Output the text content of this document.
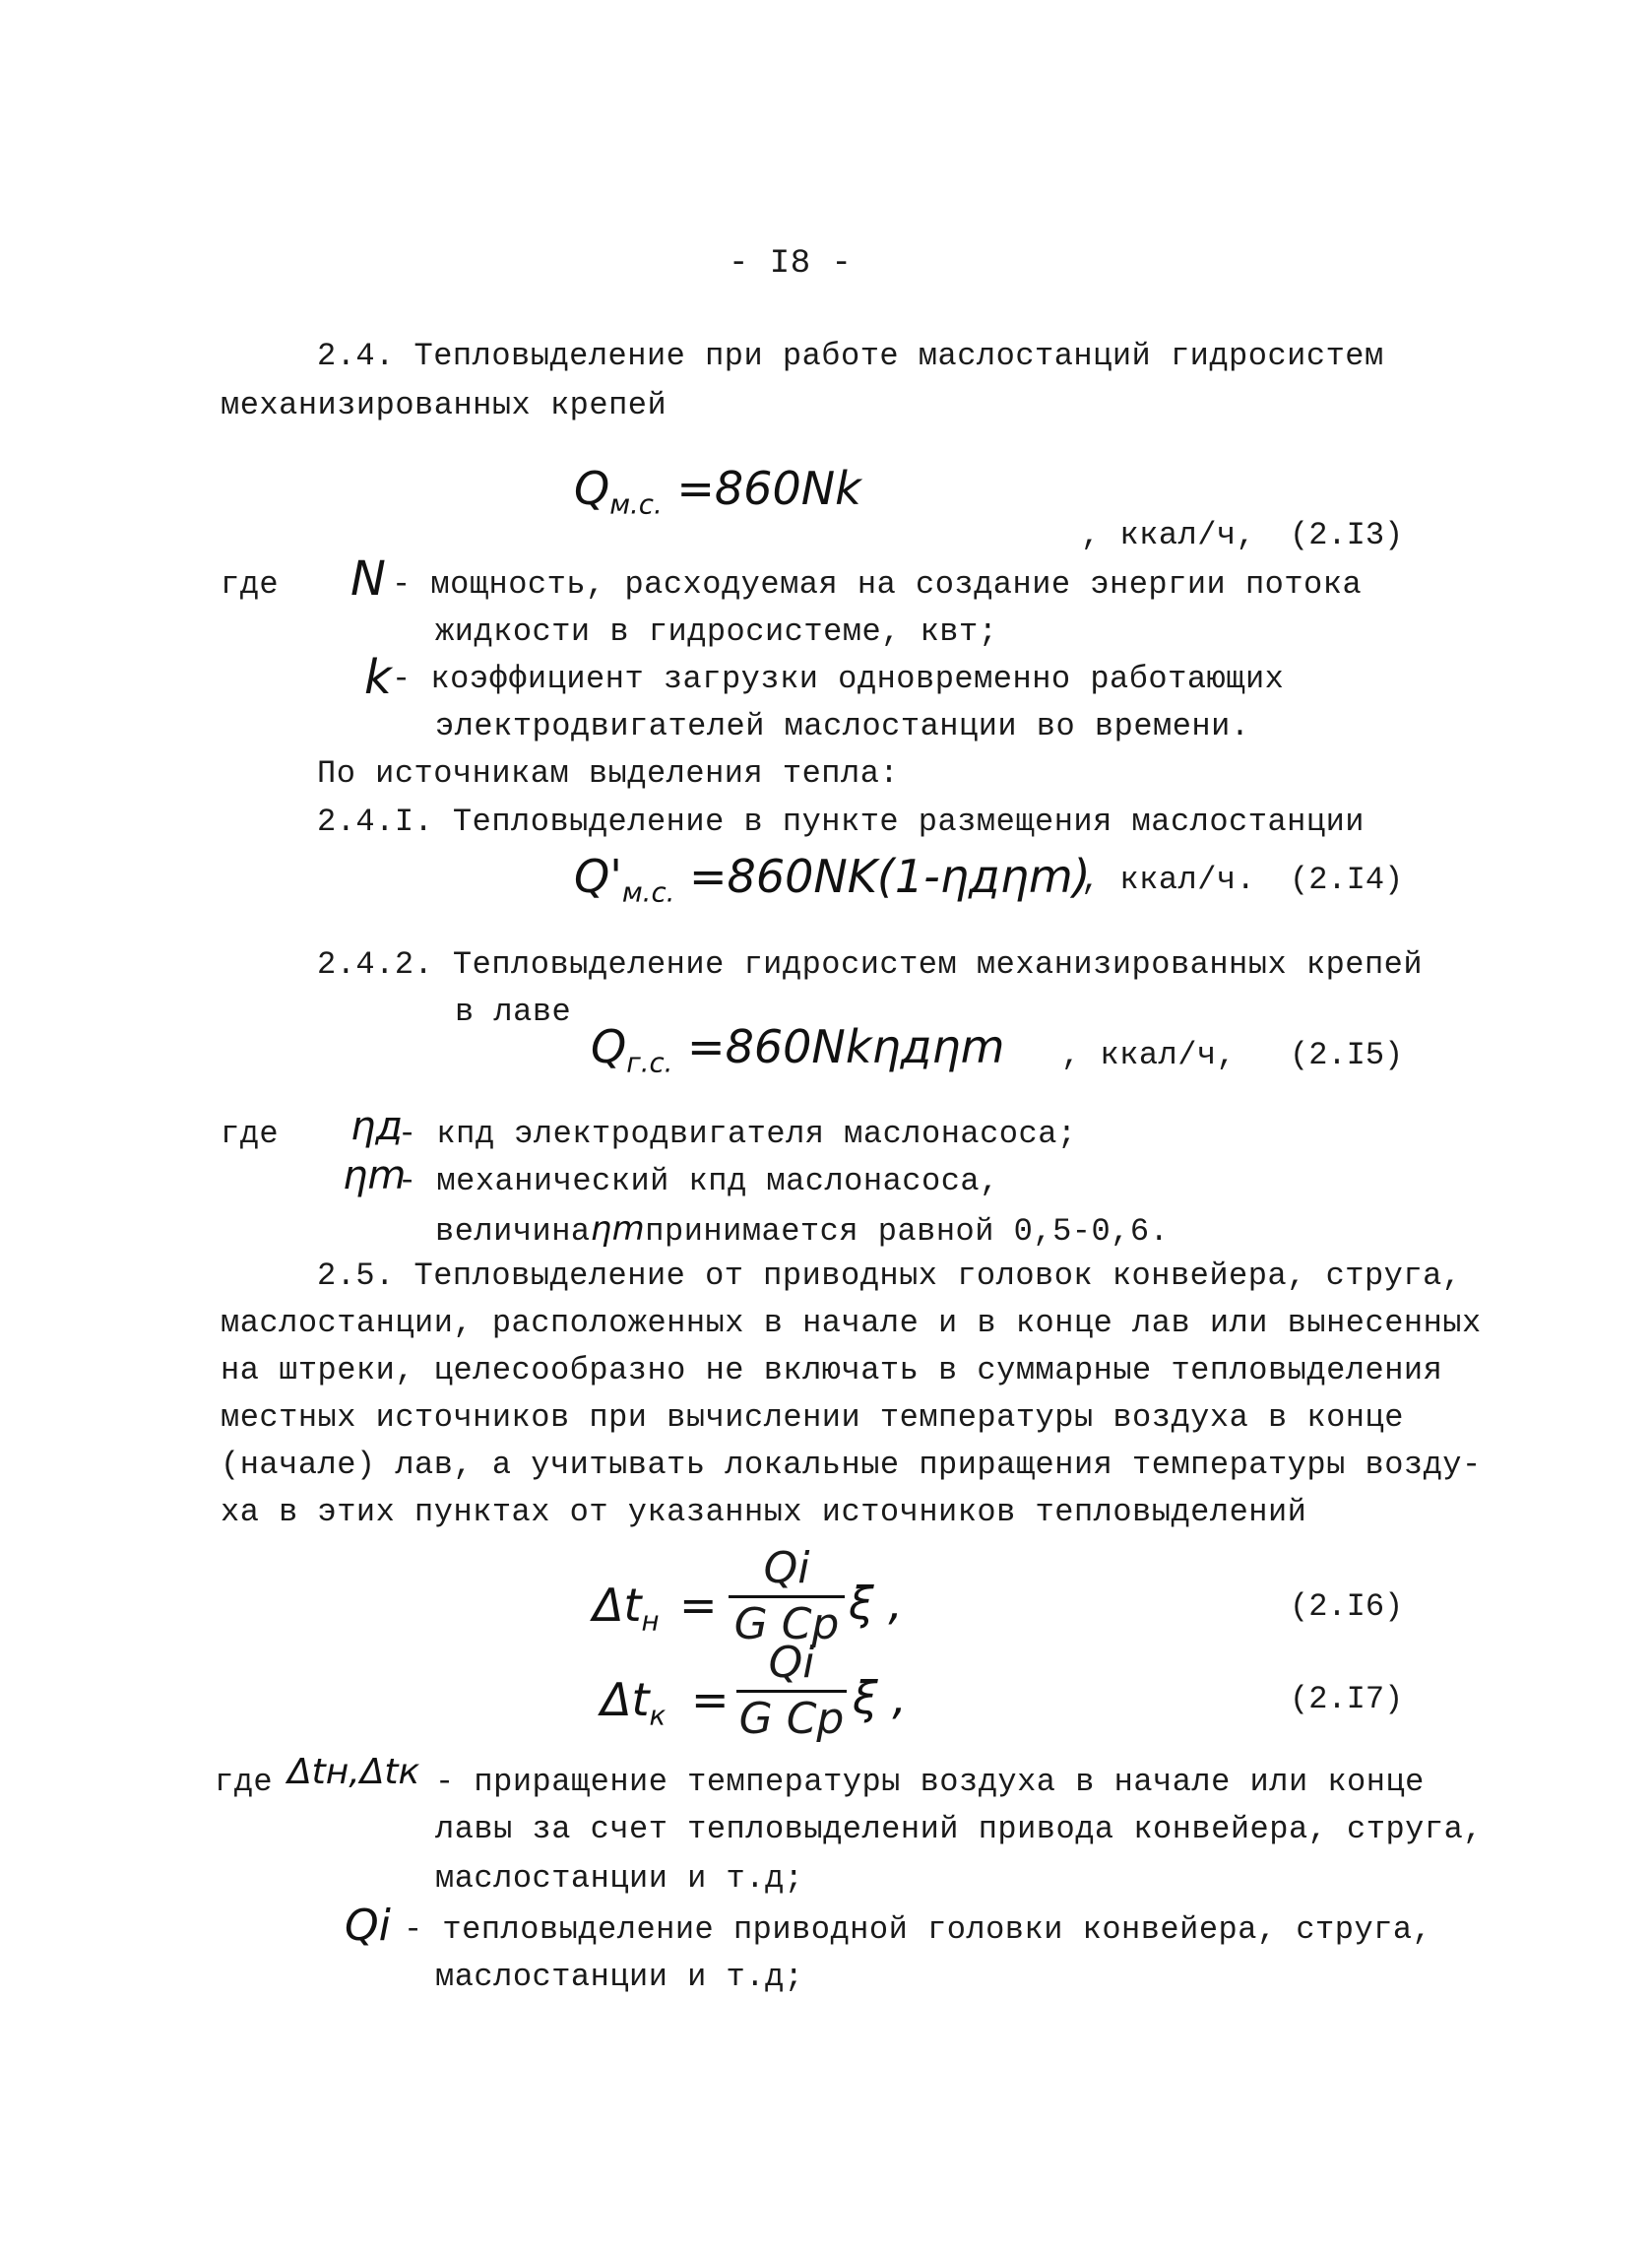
- I8 -
2.4. Тепловыделение при работе маслостанций гидросистем
механизированных крепей
$Q_{м.с.} =860Nk$
, ккал/ч, (2.I3)
где N - мощность, расходуемая на создание энергии потока
жидкости в гидросистеме, квт;
k - коэффициент загрузки одновременно работающих
электродвигателей маслостанции во времени.
По источникам выделения тепла:
2.4.I. Тепловыделение в пункте размещения маслостанции
$Q'_{м.с.} =860NK(1-\eta д\eta m)$
, ккал/ч. (2.I4)
2.4.2. Тепловыделение гидросистем механизированных крепей
в лаве
$Q_{г.с.} =860Nk\eta д\eta m$ , ккал/ч, (2.I5)
где ηд
- кпд электродвигателя маслонасоса;
ηm
- механический кпд маслонасоса,
величинаηmпринимается равной 0,5-0,6.
2.5. Тепловыделение от приводных головок конвейера, струга,
маслостанции, расположенных в начале и в конце лав или вынесенных
на штреки, целесообразно не включать в суммарные тепловыделения
местных источников при вычислении температуры воздуха в конце
(начале) лав, а учитывать локальные приращения температуры возду-
ха в этих пунктах от указанных источников тепловыделений
$\Delta t_н$ =
Qi
G Cp ξ ,	(2.I6)
$\Delta t_к$ =
Qi
G Cp ξ ,	(2.I7)
где Δtн,Δtк - приращение температуры воздуха в начале или конце
лавы за счет тепловыделений привода конвейера, струга,
маслостанции и т.д;
Qi - тепловыделение приводной головки конвейера, струга,
маслостанции и т.д;
